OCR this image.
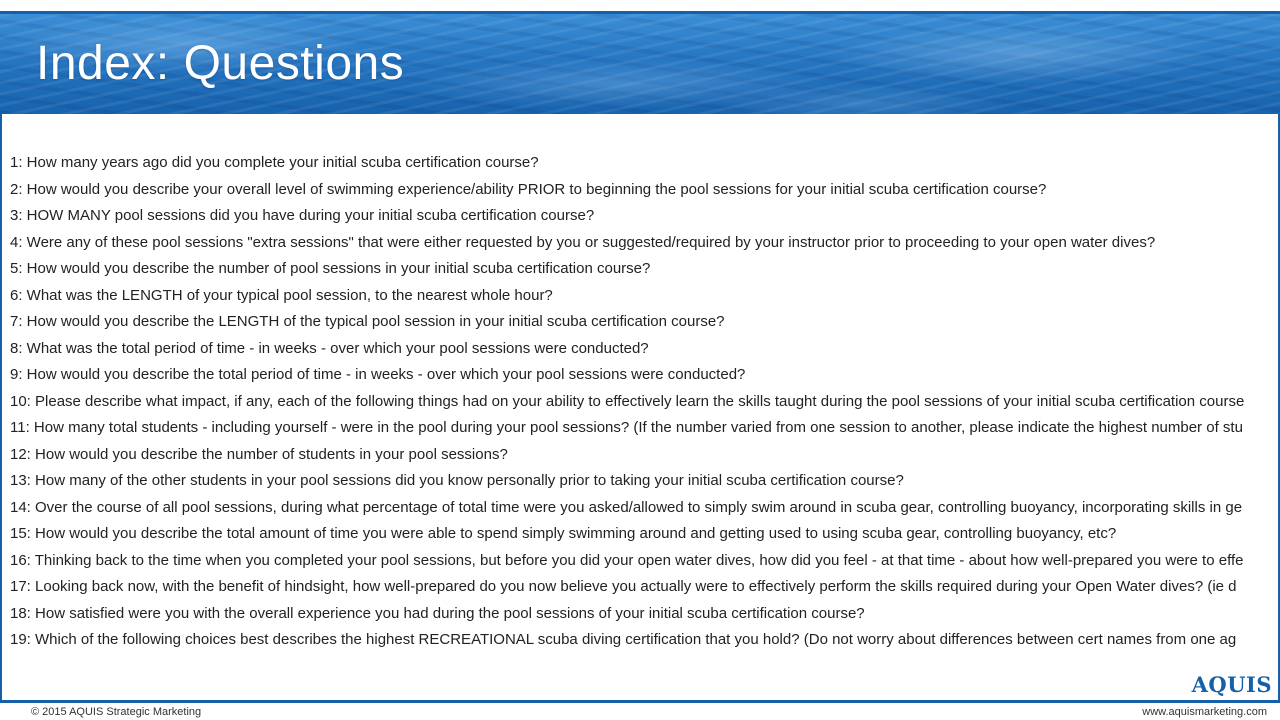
Index: Questions
1: How many years ago did you complete your initial scuba certification course?
2: How would you describe your overall level of swimming experience/ability PRIOR to beginning the pool sessions for your initial scuba certification course?
3: HOW MANY pool sessions did you have during your initial scuba certification course?
4: Were any of these pool sessions "extra sessions" that were either requested by you or suggested/required by your instructor prior to proceeding to your open water dives?
5: How would you describe the number of pool sessions in your initial scuba certification course?
6: What was the LENGTH of your typical pool session, to the nearest whole hour?
7: How would you describe the LENGTH of the typical pool session in your initial scuba certification course?
8: What was the total period of time - in weeks - over which your pool sessions were conducted?
9: How would you describe the total period of time - in weeks - over which your pool sessions were conducted?
10: Please describe what impact, if any, each of the following things had on your ability to effectively learn the skills taught during the pool sessions of your initial scuba certification course
11: How many total students - including yourself - were in the pool during your pool sessions? (If the number varied from one session to another, please indicate the highest number of stu
12: How would you describe the number of students in your pool sessions?
13: How many of the other students in your pool sessions did you know personally prior to taking your initial scuba certification course?
14: Over the course of all pool sessions, during what percentage of total time were you asked/allowed to simply swim around in scuba gear, controlling buoyancy, incorporating skills in ge
15: How would you describe the total amount of time you were able to spend simply swimming around and getting used to using scuba gear, controlling buoyancy, etc?
16: Thinking back to the time when you completed your pool sessions, but before you did your open water dives, how did you feel - at that time - about how well-prepared you were to effe
17: Looking back now, with the benefit of hindsight, how well-prepared do you now believe you actually were to effectively perform the skills required during your Open Water dives? (ie d
18: How satisfied were you with the overall experience you had during the pool sessions of your initial scuba certification course?
19: Which of the following choices best describes the highest RECREATIONAL scuba diving certification that you hold? (Do not worry about differences between cert names from one ag
AQUIS
© 2015 AQUIS Strategic Marketing	www.aquismarketing.com
